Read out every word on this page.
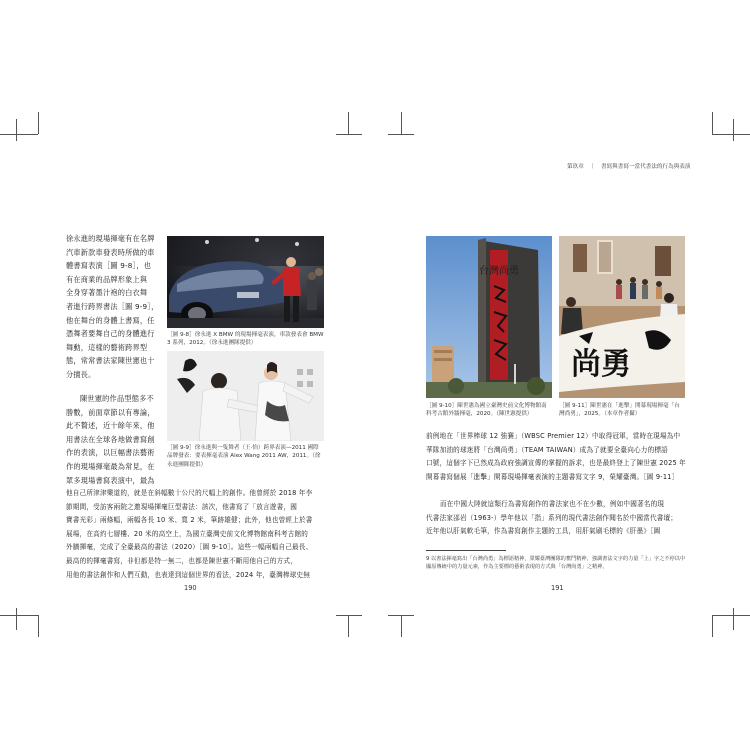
徐永進的現場揮毫有在名牌
汽車新款車發表時所做的車
體書寫表演［圖 9-8］，也
有在商業的品牌形象上與
全身穿著墨汁袍的白衣舞
者進行跨界書法［圖 9-9］，
他在舞台的身體上書寫，任
憑舞者要舞自己的身體進行
舞動，這樣的藝術跨界型
態，常常書法家陳世憲也十
分擅長。
陳世憲的作品型態多不
勝數，前面章節以有專論，
此不贅述，近十餘年來，他
用書法在全球各地做書寫創
作的表演，以巨幅書法藝術
作的現場揮毫最為常見，在
眾多現場書寫表演中，最為
他自己所津津樂道的，就是在斜幅數十公尺的尺幅上的創作。他曾經於 2018 年李
節期間，受訪客兩院之邀現場揮毫巨型書法：該次，他書寫了「放言遊書，國
寶書光彩」兩條幅，兩幅各長 10 米、寬 2 米，筆跡雄健；此外，他也曾經上於書
展場，在高約七層樓、20 米的高空上，為國立臺灣史前文化博物館南科考古館的
外牆揮毫，完成了全臺最高的書法（2020）［圖 9-10］。這些一幅兩幅自己最長、
最高的的揮毫書寫，非但都是特一無二，也都是陳世憲不斷用他自己的方式，
用他的書法創作和人們互動，也表達到這個世界的看法，2024 年，臺灣棒球史無
［圖 9-8］徐永進 X BMW 的現場揮毫表演，車款發表會 BMW 3 系列，2012。（徐永進團隊提供）
［圖 9-9］徐永進與一隻舞者（王‧怡）跨界表演—2011 國際品牌發表：要表揮毫表演 Alex Wang 2011 AW，2011。（徐永進團隊提供）
190
第玖章 ｜ 書寫與書寫一當代書法的行為與表演
台灣尚勇
［圖 9-10］陳世憲為國立臺灣史前文化博物館南科考古館外牆揮毫，2020。（陳世憲提供）
尚勇
［圖 9-11］陳世憲在「進擊」開幕現場揮毫「台灣尚勇」，2025。（本章作者攝）
前例地在「世界棒球 12 強賽」（WBSC Premier 12）中取得冠軍，當時在現場為中
華隊加油的球迷將「台灣尚勇」（TEAM TAIWAN）成為了就要全臺向心力的標語
口號，這個字下已然成為政府強調宣傳的掌握的訴求，也是最終登上了陳世憲 2025 年
開幕書寫個展「進擊」開幕現場揮毫表演的主題書寫文字 9，榮耀臺灣。［圖 9-11］
而在中國大陸就這類行為書寫創作的書法家也不在少數，例如中國著名的現
代書法家邵岩（1963-）學年他以「指」系列的現代書法創作聞名於中國當代書壇；
近年他以肝氣軟毛筆，作為書寫創作主題的工具，用肝氣刷毛標的《肝墨》［圖
9 以書法揮毫寫出「台灣尚勇」為標語精神，榮耀臺灣團隊的奮鬥精神，強調書法文字的力量「上」字之不停以中國原傳統中的力量元素，作為主要標的藝術表現的方式與「台灣尚勇」之精神。
191
